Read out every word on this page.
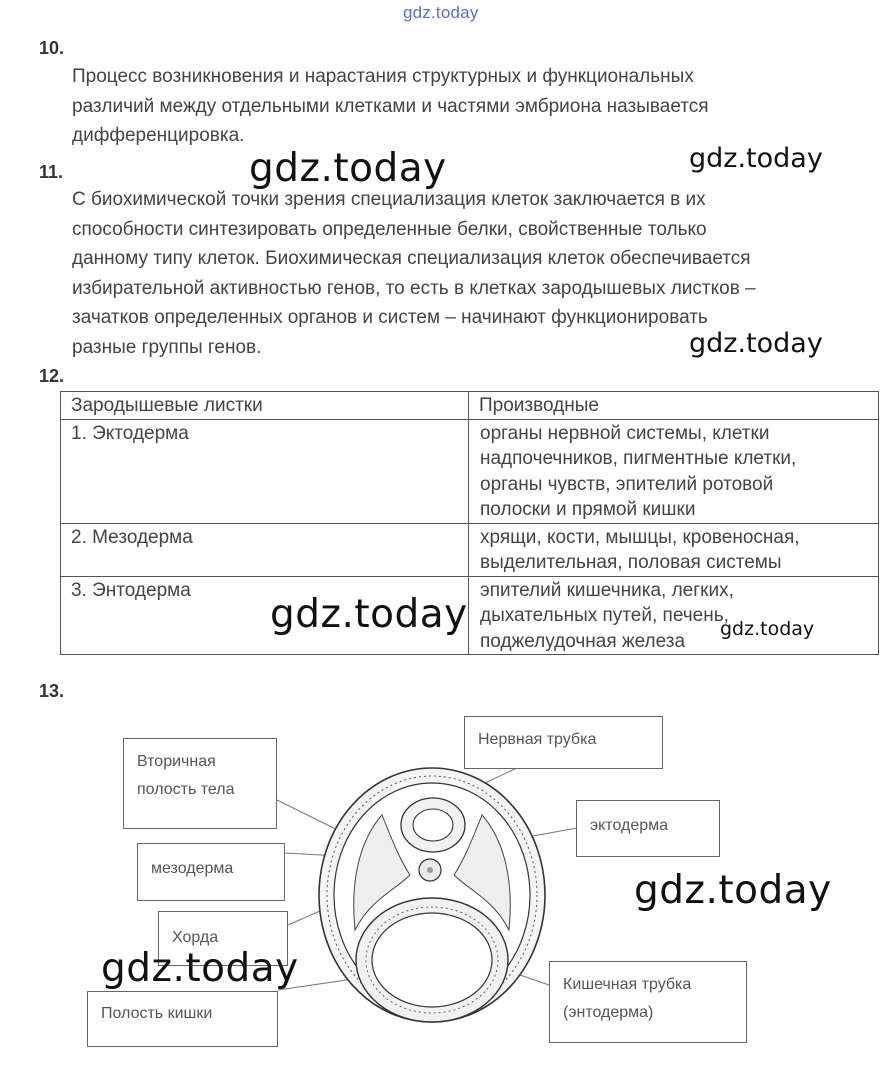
gdz.today
10.
Процесс возникновения и нарастания структурных и функциональных
различий между отдельными клетками и частями эмбриона называется
дифференцировка.
11.
С биохимической точки зрения специализация клеток заключается в их
способности синтезировать определенные белки, свойственные только
данному типу клеток. Биохимическая специализация клеток обеспечивается
избирательной активностью генов, то есть в клетках зародышевых листков –
зачатков определенных органов и систем – начинают функционировать
разные группы генов.
12.
Зародышевые листки	Производные
1. Эктодерма	органы нервной системы, клетки
надпочечников, пигментные клетки,
органы чувств, эпителий ротовой
полоски и прямой кишки

2. Мезодерма	хрящи, кости, мышцы, кровеносная,
выделительная, половая системы

3. Энтодерма	эпителий кишечника, легких,
дыхательных путей, печень,
поджелудочная железа
13.
Вторичная
полость тела
мезодерма
Хорда
Полость кишки
Нервная трубка
эктодерма
Кишечная трубка
(энтодерма)
gdz.today	gdz.today
gdz.today
gdz.today	gdz.today
gdz.today
gdz.today
